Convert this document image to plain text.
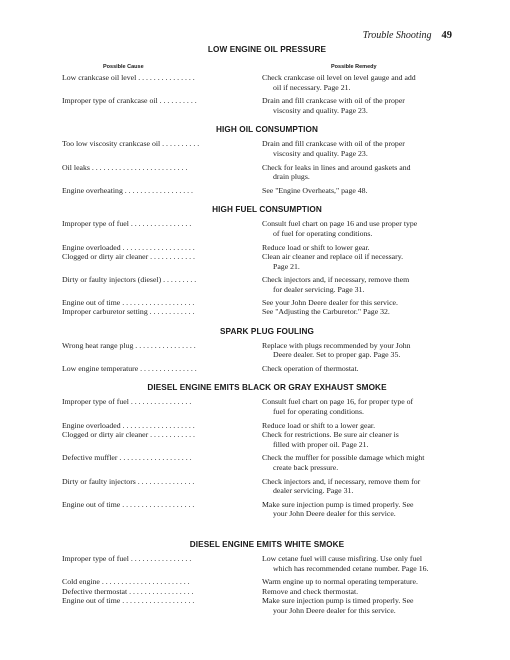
Trouble Shooting 49
Possible Cause	Possible Remedy
LOW ENGINE OIL PRESSURE
Low crankcase oil level . . . . . . . . . . . . . . .	Check crankcase oil level on level gauge and add
oil if necessary. Page 21.
Improper type of crankcase oil . . . . . . . . . .	Drain and fill crankcase with oil of the proper
viscosity and quality. Page 23.
HIGH OIL CONSUMPTION
Too low viscosity crankcase oil . . . . . . . . . .	Drain and fill crankcase with oil of the proper
viscosity and quality. Page 23.
Oil leaks . . . . . . . . . . . . . . . . . . . . . . . . .	Check for leaks in lines and around gaskets and
drain plugs.
Engine overheating . . . . . . . . . . . . . . . . . .	See "Engine Overheats," page 48.
HIGH FUEL CONSUMPTION
Improper type of fuel . . . . . . . . . . . . . . . .	Consult fuel chart on page 16 and use proper type
of fuel for operating conditions.
Engine overloaded . . . . . . . . . . . . . . . . . . .	Reduce load or shift to lower gear.
Clogged or dirty air cleaner . . . . . . . . . . . .	Clean air cleaner and replace oil if necessary.
Page 21.
Dirty or faulty injectors (diesel) . . . . . . . . .	Check injectors and, if necessary, remove them
for dealer servicing. Page 31.
Engine out of time . . . . . . . . . . . . . . . . . . .	See your John Deere dealer for this service.
Improper carburetor setting . . . . . . . . . . . .	See "Adjusting the Carburetor." Page 32.
SPARK PLUG FOULING
Wrong heat range plug . . . . . . . . . . . . . . . .	Replace with plugs recommended by your John
Deere dealer. Set to proper gap. Page 35.
Low engine temperature . . . . . . . . . . . . . . .	Check operation of thermostat.
DIESEL ENGINE EMITS BLACK OR GRAY EXHAUST SMOKE
Improper type of fuel . . . . . . . . . . . . . . . .	Consult fuel chart on page 16, for proper type of
fuel for operating conditions.
Engine overloaded . . . . . . . . . . . . . . . . . . .	Reduce load or shift to a lower gear.
Clogged or dirty air cleaner . . . . . . . . . . . .	Check for restrictions. Be sure air cleaner is
filled with proper oil. Page 21.
Defective muffler . . . . . . . . . . . . . . . . . . .	Check the muffler for possible damage which might
create back pressure.
Dirty or faulty injectors . . . . . . . . . . . . . . .	Check injectors and, if necessary, remove them for
dealer servicing. Page 31.
Engine out of time . . . . . . . . . . . . . . . . . . .	Make sure injection pump is timed properly. See
your John Deere dealer for this service.
DIESEL ENGINE EMITS WHITE SMOKE
Improper type of fuel . . . . . . . . . . . . . . . .	Low cetane fuel will cause misfiring. Use only fuel
which has recommended cetane number. Page 16.
Cold engine . . . . . . . . . . . . . . . . . . . . . . .	Warm engine up to normal operating temperature.
Defective thermostat . . . . . . . . . . . . . . . . .	Remove and check thermostat.
Engine out of time . . . . . . . . . . . . . . . . . . .	Make sure injection pump is timed properly. See
your John Deere dealer for this service.
